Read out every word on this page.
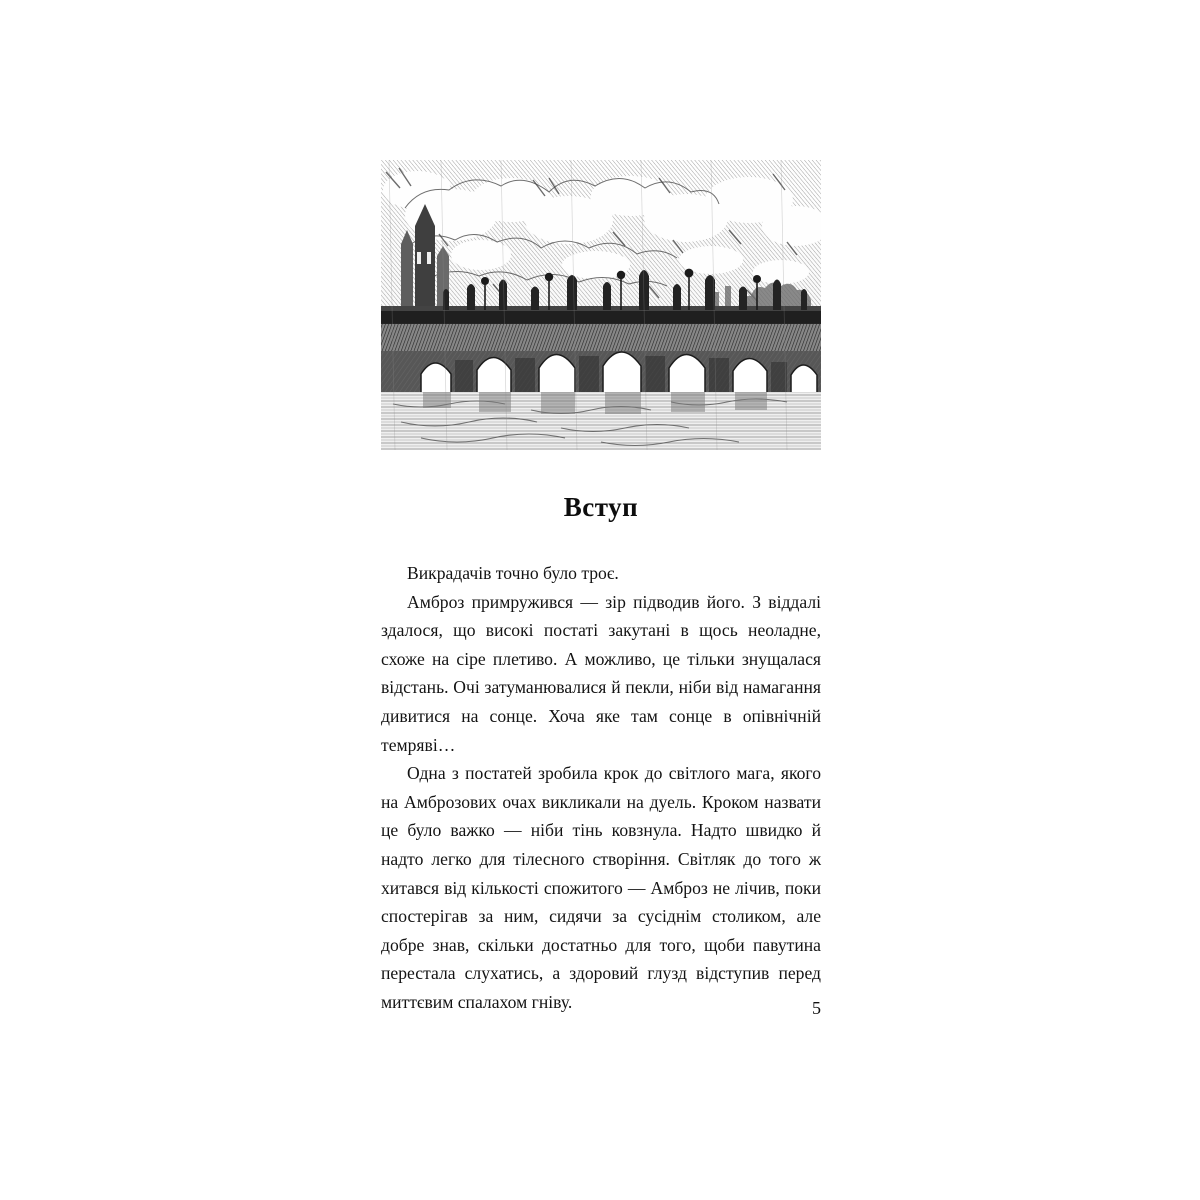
Вступ

Викрадачів точно було троє.

Амброз примружився — зір підводив його. З віддалі здалося, що високі постаті закутані в щось неоладне, схоже на сіре плетиво. А можливо, це тільки знущалася відстань. Очі затуманювалися й пекли, ніби від намагання дивитися на сонце. Хоча яке там сонце в опівнічній темряві…

Одна з постатей зробила крок до світлого мага, якого на Амброзових очах викликали на дуель. Кроком назвати це було важко — ніби тінь ковзнула. Надто швидко й надто легко для тілесного створіння. Світляк до того ж хитався від кількості спожитого — Амброз не лічив, поки спостерігав за ним, сидячи за сусіднім столиком, але добре знав, скільки достатньо для того, щоби павутина перестала слухатись, а здоровий глузд відступив перед миттєвим спалахом гніву.	5
